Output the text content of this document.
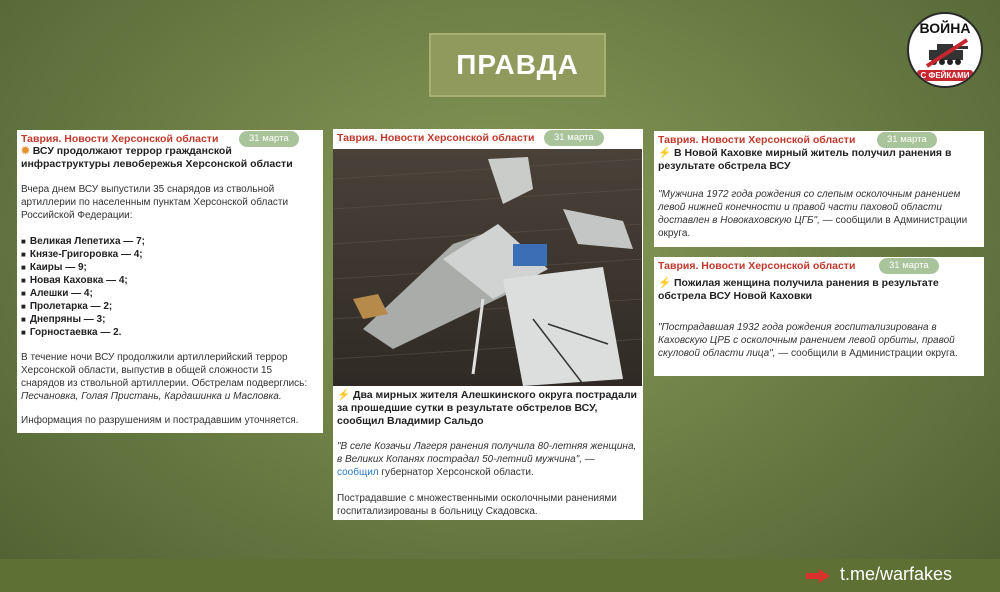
ПРАВДА
ВОЙНА
С ФЕЙКАМИ
Таврия. Новости Херсонской области	31 марта
✹ ВСУ продолжают террор гражданской инфраструктуры левобережья Херсонской области
Вчера днем ВСУ выпустили 35 снарядов из ствольной артиллерии по населенным пунктам Херсонской области Российской Федерации:
■ Великая Лепетиха — 7;
■ Князе-Григоровка — 4;
■ Каиры — 9;
■ Новая Каховка — 4;
■ Алешки — 4;
■ Пролетарка — 2;
■ Днепряны — 3;
■ Горностаевка — 2.
В течение ночи ВСУ продолжили артиллерийский террор Херсонской области, выпустив в общей сложности 15 снарядов из ствольной артиллерии. Обстрелам подверглись: Песчановка, Голая Пристань, Кардашинка и Масловка.
Информация по разрушениям и пострадавшим уточняется.
Таврия. Новости Херсонской области	31 марта
⚡ Два мирных жителя Алешкинского округа пострадали за прошедшие сутки в результате обстрелов ВСУ, сообщил Владимир Сальдо
"В селе Козачьи Лагеря ранения получила 80-летняя женщина, в Великих Копанях пострадал 50-летний мужчина", — сообщил губернатор Херсонской области.
Пострадавшие с множественными осколочными ранениями госпитализированы в больницу Скадовска.
Таврия. Новости Херсонской области	31 марта
⚡ В Новой Каховке мирный житель получил ранения в результате обстрела ВСУ
"Мужчина 1972 года рождения со слепым осколочным ранением левой нижней конечности и правой части паховой области доставлен в Новокаховскую ЦГБ", — сообщили в Администрации округа.
Таврия. Новости Херсонской области	31 марта
⚡ Пожилая женщина получила ранения в результате обстрела ВСУ Новой Каховки
"Пострадавшая 1932 года рождения госпитализирована в Каховскую ЦРБ с осколочным ранением левой орбиты, правой скуловой области лица", — сообщили в Администрации округа.
t.me/warfakes
